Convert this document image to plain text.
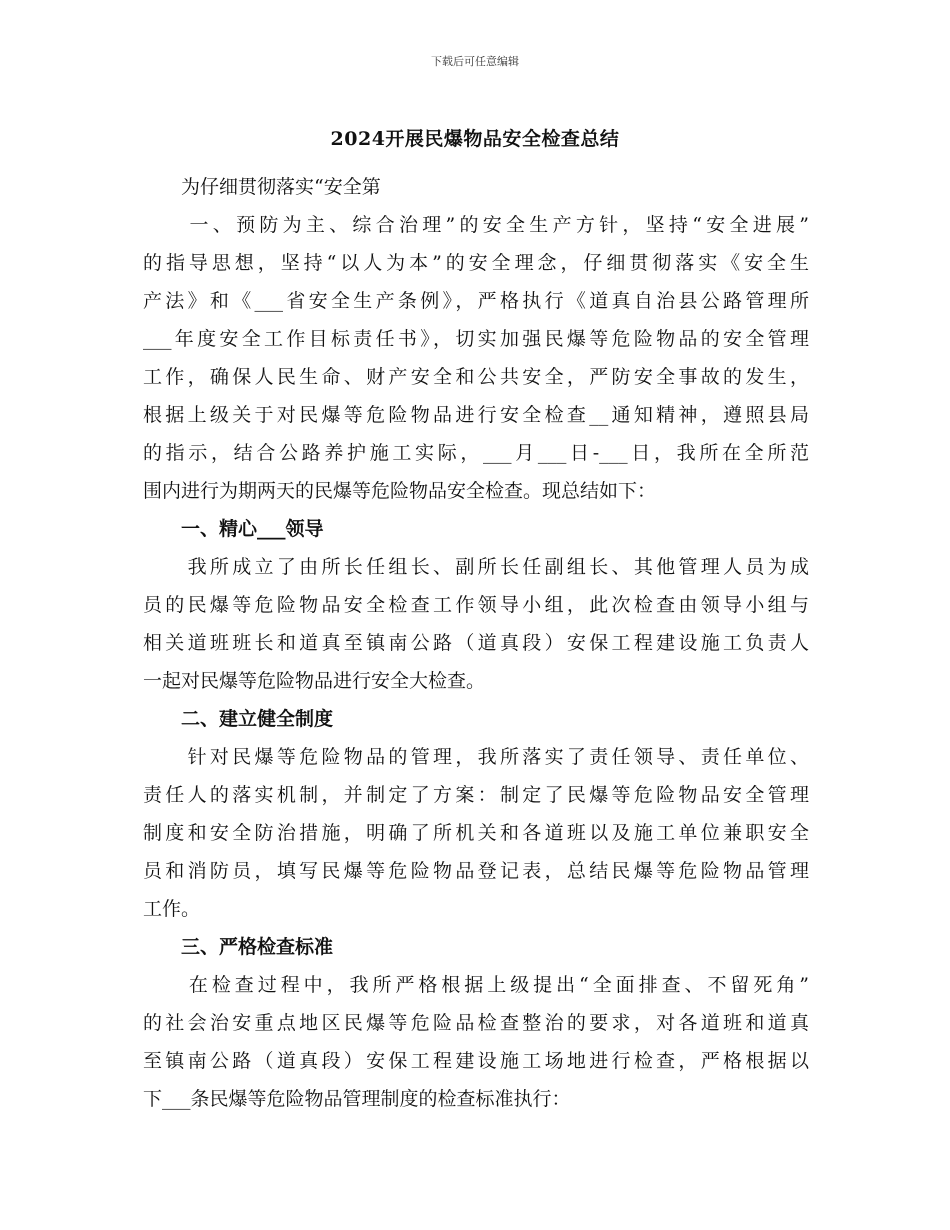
下载后可任意编辑
2024开展民爆物品安全检查总结
　　为仔细贯彻落实“安全第
　　一、预防为主、综合治理”的安全生产方针，坚持“安全进展”
的指导思想，坚持“以人为本”的安全理念，仔细贯彻落实《安全生
产法》和《___省安全生产条例》，严格执行《道真自治县公路管理所
___年度安全工作目标责任书》，切实加强民爆等危险物品的安全管理
工作，确保人民生命、财产安全和公共安全，严防安全事故的发生，
根据上级关于对民爆等危险物品进行安全检查__通知精神，遵照县局
的指示，结合公路养护施工实际，___月___日-___日，我所在全所范
围内进行为期两天的民爆等危险物品安全检查。现总结如下：
　　一、精心___领导
　　我所成立了由所长任组长、副所长任副组长、其他管理人员为成
员的民爆等危险物品安全检查工作领导小组，此次检查由领导小组与
相关道班班长和道真至镇南公路（道真段）安保工程建设施工负责人
一起对民爆等危险物品进行安全大检查。
　　二、建立健全制度
　　针对民爆等危险物品的管理，我所落实了责任领导、责任单位、
责任人的落实机制，并制定了方案：制定了民爆等危险物品安全管理
制度和安全防治措施，明确了所机关和各道班以及施工单位兼职安全
员和消防员，填写民爆等危险物品登记表，总结民爆等危险物品管理
工作。
　　三、严格检查标准
　　在检查过程中，我所严格根据上级提出“全面排查、不留死角”
的社会治安重点地区民爆等危险品检查整治的要求，对各道班和道真
至镇南公路（道真段）安保工程建设施工场地进行检查，严格根据以
下___条民爆等危险物品管理制度的检查标准执行：
